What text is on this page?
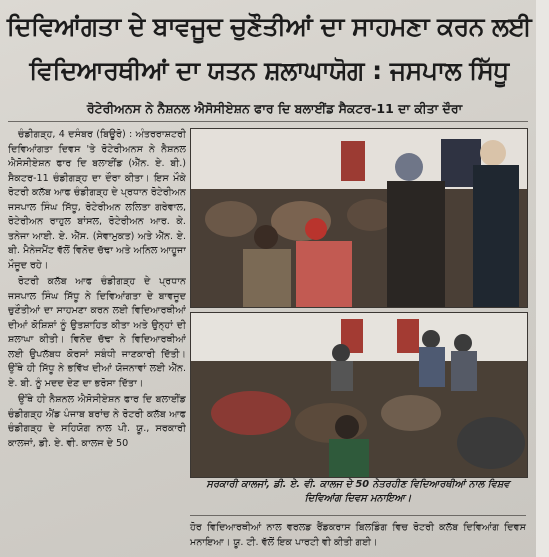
ਦਿਵਿਆਂਗਤਾ ਦੇ ਬਾਵਜੂਦ ਚੁਣੌਤੀਆਂ ਦਾ ਸਾਹਮਣਾ ਕਰਨ ਲਈ
ਵਿਦਿਆਰਥੀਆਂ ਦਾ ਯਤਨ ਸ਼ਲਾਘਾਯੋਗ : ਜਸਪਾਲ ਸਿੱਧੂ
ਰੋਟੇਰੀਅਨਸ ਨੇ ਨੈਸ਼ਨਲ ਐਸੋਸੀਏਸ਼ਨ ਫਾਰ ਦਿ ਬਲਾਈਂਡ ਸੈਕਟਰ-11 ਦਾ ਕੀਤਾ ਦੌਰਾ

ਚੰਡੀਗੜ੍ਹ, 4 ਦਸੰਬਰ (ਬਿਊਰੋ) : ਅੰਤਰਰਾਸ਼ਟਰੀ ਦਿਵਿਆਂਗਤਾ ਦਿਵਸ 'ਤੇ ਰੋਟੇਰੀਅਨਸ ਨੇ ਨੈਸ਼ਨਲ ਐਸੋਸੀਏਸ਼ਨ ਫਾਰ ਦਿ ਬਲਾਈਂਡ (ਐੱਨ. ਏ. ਬੀ.) ਸੈਕਟਰ-11 ਚੰਡੀਗੜ੍ਹ ਦਾ ਦੌਰਾ ਕੀਤਾ। ਇਸ ਮੌਕੇ ਰੋਟਰੀ ਕਲੱਬ ਆਫ ਚੰਡੀਗੜ੍ਹ ਦੇ ਪ੍ਰਧਾਨ ਰੋਟੇਰੀਅਨ ਜਸਪਾਲ ਸਿੰਘ ਸਿੱਧੂ, ਰੋਟੇਰੀਅਨ ਲਲਿਤਾ ਗਰੇਵਾਲ, ਰੋਟੇਰੀਅਨ ਰਾਹੁਲ ਬਾਂਸਲ, ਰੋਟੇਰੀਅਨ ਆਰ. ਕੇ. ਤਨੇਜਾ ਆਈ. ਏ. ਐੱਸ. (ਸੇਵਾਮੁਕਤ) ਅਤੇ ਐੱਨ. ਏ. ਬੀ. ਮੈਨੇਜਮੈਂਟ ਵੱਲੋਂ ਵਿਨੋਦ ਚੱਢਾ ਅਤੇ ਅਨਿਲ ਆਹੂਜਾ ਮੌਜੂਦ ਰਹੇ।

ਰੋਟਰੀ ਕਲੱਬ ਆਫ ਚੰਡੀਗੜ੍ਹ ਦੇ ਪ੍ਰਧਾਨ ਜਸਪਾਲ ਸਿੰਘ ਸਿੱਧੂ ਨੇ ਦਿਵਿਆਂਗਤਾ ਦੇ ਬਾਵਜੂਦ ਚੁਣੌਤੀਆਂ ਦਾ ਸਾਹਮਣਾ ਕਰਨ ਲਈ ਵਿਦਿਆਰਥੀਆਂ ਦੀਆਂ ਕੋਸ਼ਿਸ਼ਾਂ ਨੂੰ ਉਤਸ਼ਾਹਿਤ ਕੀਤਾ ਅਤੇ ਉਨ੍ਹਾਂ ਦੀ ਸ਼ਲਾਘਾ ਕੀਤੀ। ਵਿਨੋਦ ਚੱਢਾ ਨੇ ਵਿਦਿਆਰਥੀਆਂ ਲਈ ਉਪਲੱਬਧ ਕੋਰਸਾਂ ਸਬੰਧੀ ਜਾਣਕਾਰੀ ਦਿੱਤੀ। ਉੱਥੇ ਹੀ ਸਿੱਧੂ ਨੇ ਭਵਿੱਖ ਦੀਆਂ ਯੋਜਨਾਵਾਂ ਲਈ ਐੱਨ. ਏ. ਬੀ. ਨੂੰ ਮਦਦ ਦੇਣ ਦਾ ਭਰੋਸਾ ਦਿੱਤਾ।

ਉੱਥੇ ਹੀ ਨੈਸ਼ਨਲ ਐਸੋਸੀਏਸ਼ਨ ਫਾਰ ਦਿ ਬਲਾਈਂਡ ਚੰਡੀਗੜ੍ਹ ਐਂਡ ਪੰਜਾਬ ਬਰਾਂਚ ਨੇ ਰੋਟਰੀ ਕਲੱਬ ਆਫ ਚੰਡੀਗੜ੍ਹ ਦੇ ਸਹਿਯੋਗ ਨਾਲ ਪੀ. ਯੂ., ਸਰਕਾਰੀ ਕਾਲਜਾਂ, ਡੀ. ਏ. ਵੀ. ਕਾਲਜ ਦੇ 50

ਸਰਕਾਰੀ ਕਾਲਜਾਂ, ਡੀ. ਏ. ਵੀ. ਕਾਲਜ ਦੇ 50 ਨੇਤਰਹੀਣ ਵਿਦਿਆਰਥੀਆਂ ਨਾਲ ਵਿਸ਼ਵ ਦਿਵਿਆਂਗ ਦਿਵਸ ਮਨਾਇਆ।
ਹੋਰ ਵਿਦਿਆਰਥੀਆਂ ਨਾਲ ਵਰਲਡ ਰੈਂਡਕਰਾਸ ਬਿਲਡਿੰਗ ਵਿਚ ਰੋਟਰੀ ਕਲੱਬ ਦਿਵਿਆਂਗ ਦਿਵਸ ਮਨਾਇਆ। ਯੂ. ਟੀ. ਵੱਲੋਂ ਇਕ ਪਾਰਟੀ ਵੀ ਕੀਤੀ ਗਈ।
